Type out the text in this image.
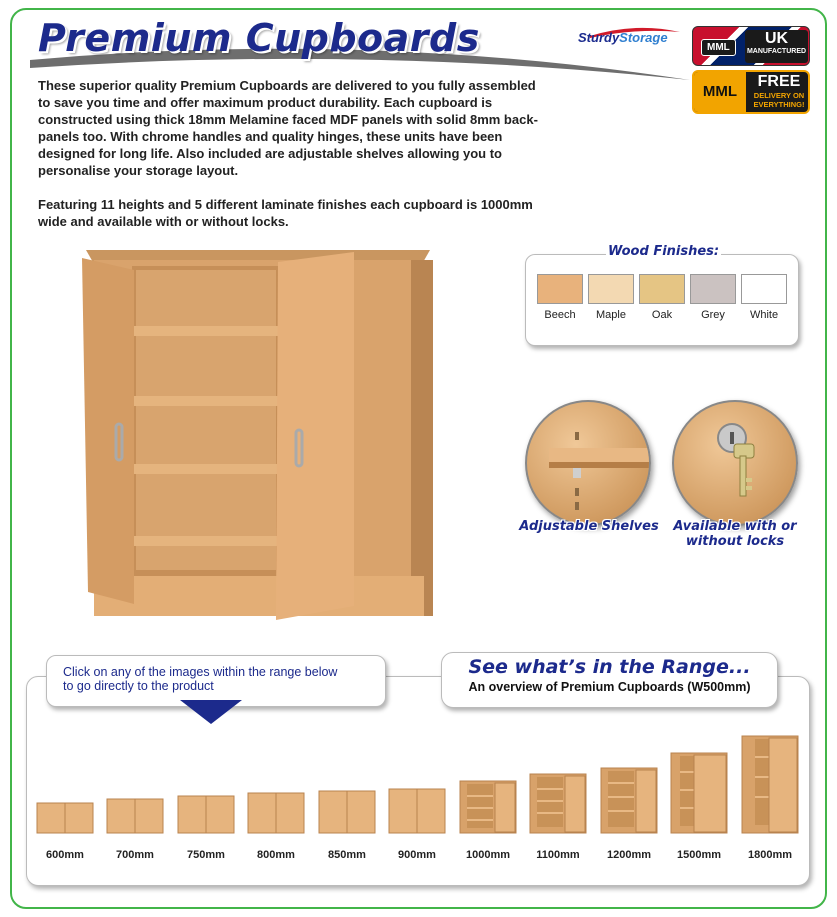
Premium Cupboards	SturdyStorage
MML
UK
MANUFACTURED
MML
FREE
DELIVERY ON EVERYTHING!

These superior quality Premium Cupboards are delivered to you fully assembled to save you time and offer maximum product durability. Each cupboard is constructed using thick 18mm Melamine faced MDF panels with solid 8mm back-panels too. With chrome handles and quality hinges, these units have been designed for long life. Also included are adjustable shelves allowing you to personalise your storage layout.

Featuring 11 heights and 5 different laminate finishes each cupboard is 1000mm wide and available with or without locks.

Beech	Maple	Oak	Grey	White
Wood Finishes:
Adjustable Shelves	Available with or
without locks
Click on any of the images within the range below
to go directly to the product
See what’s in the Range...
An overview of Premium Cupboards (W500mm)
600mm	700mm	750mm	800mm	850mm	900mm	1000mm	1100mm	1200mm	1500mm	1800mm
